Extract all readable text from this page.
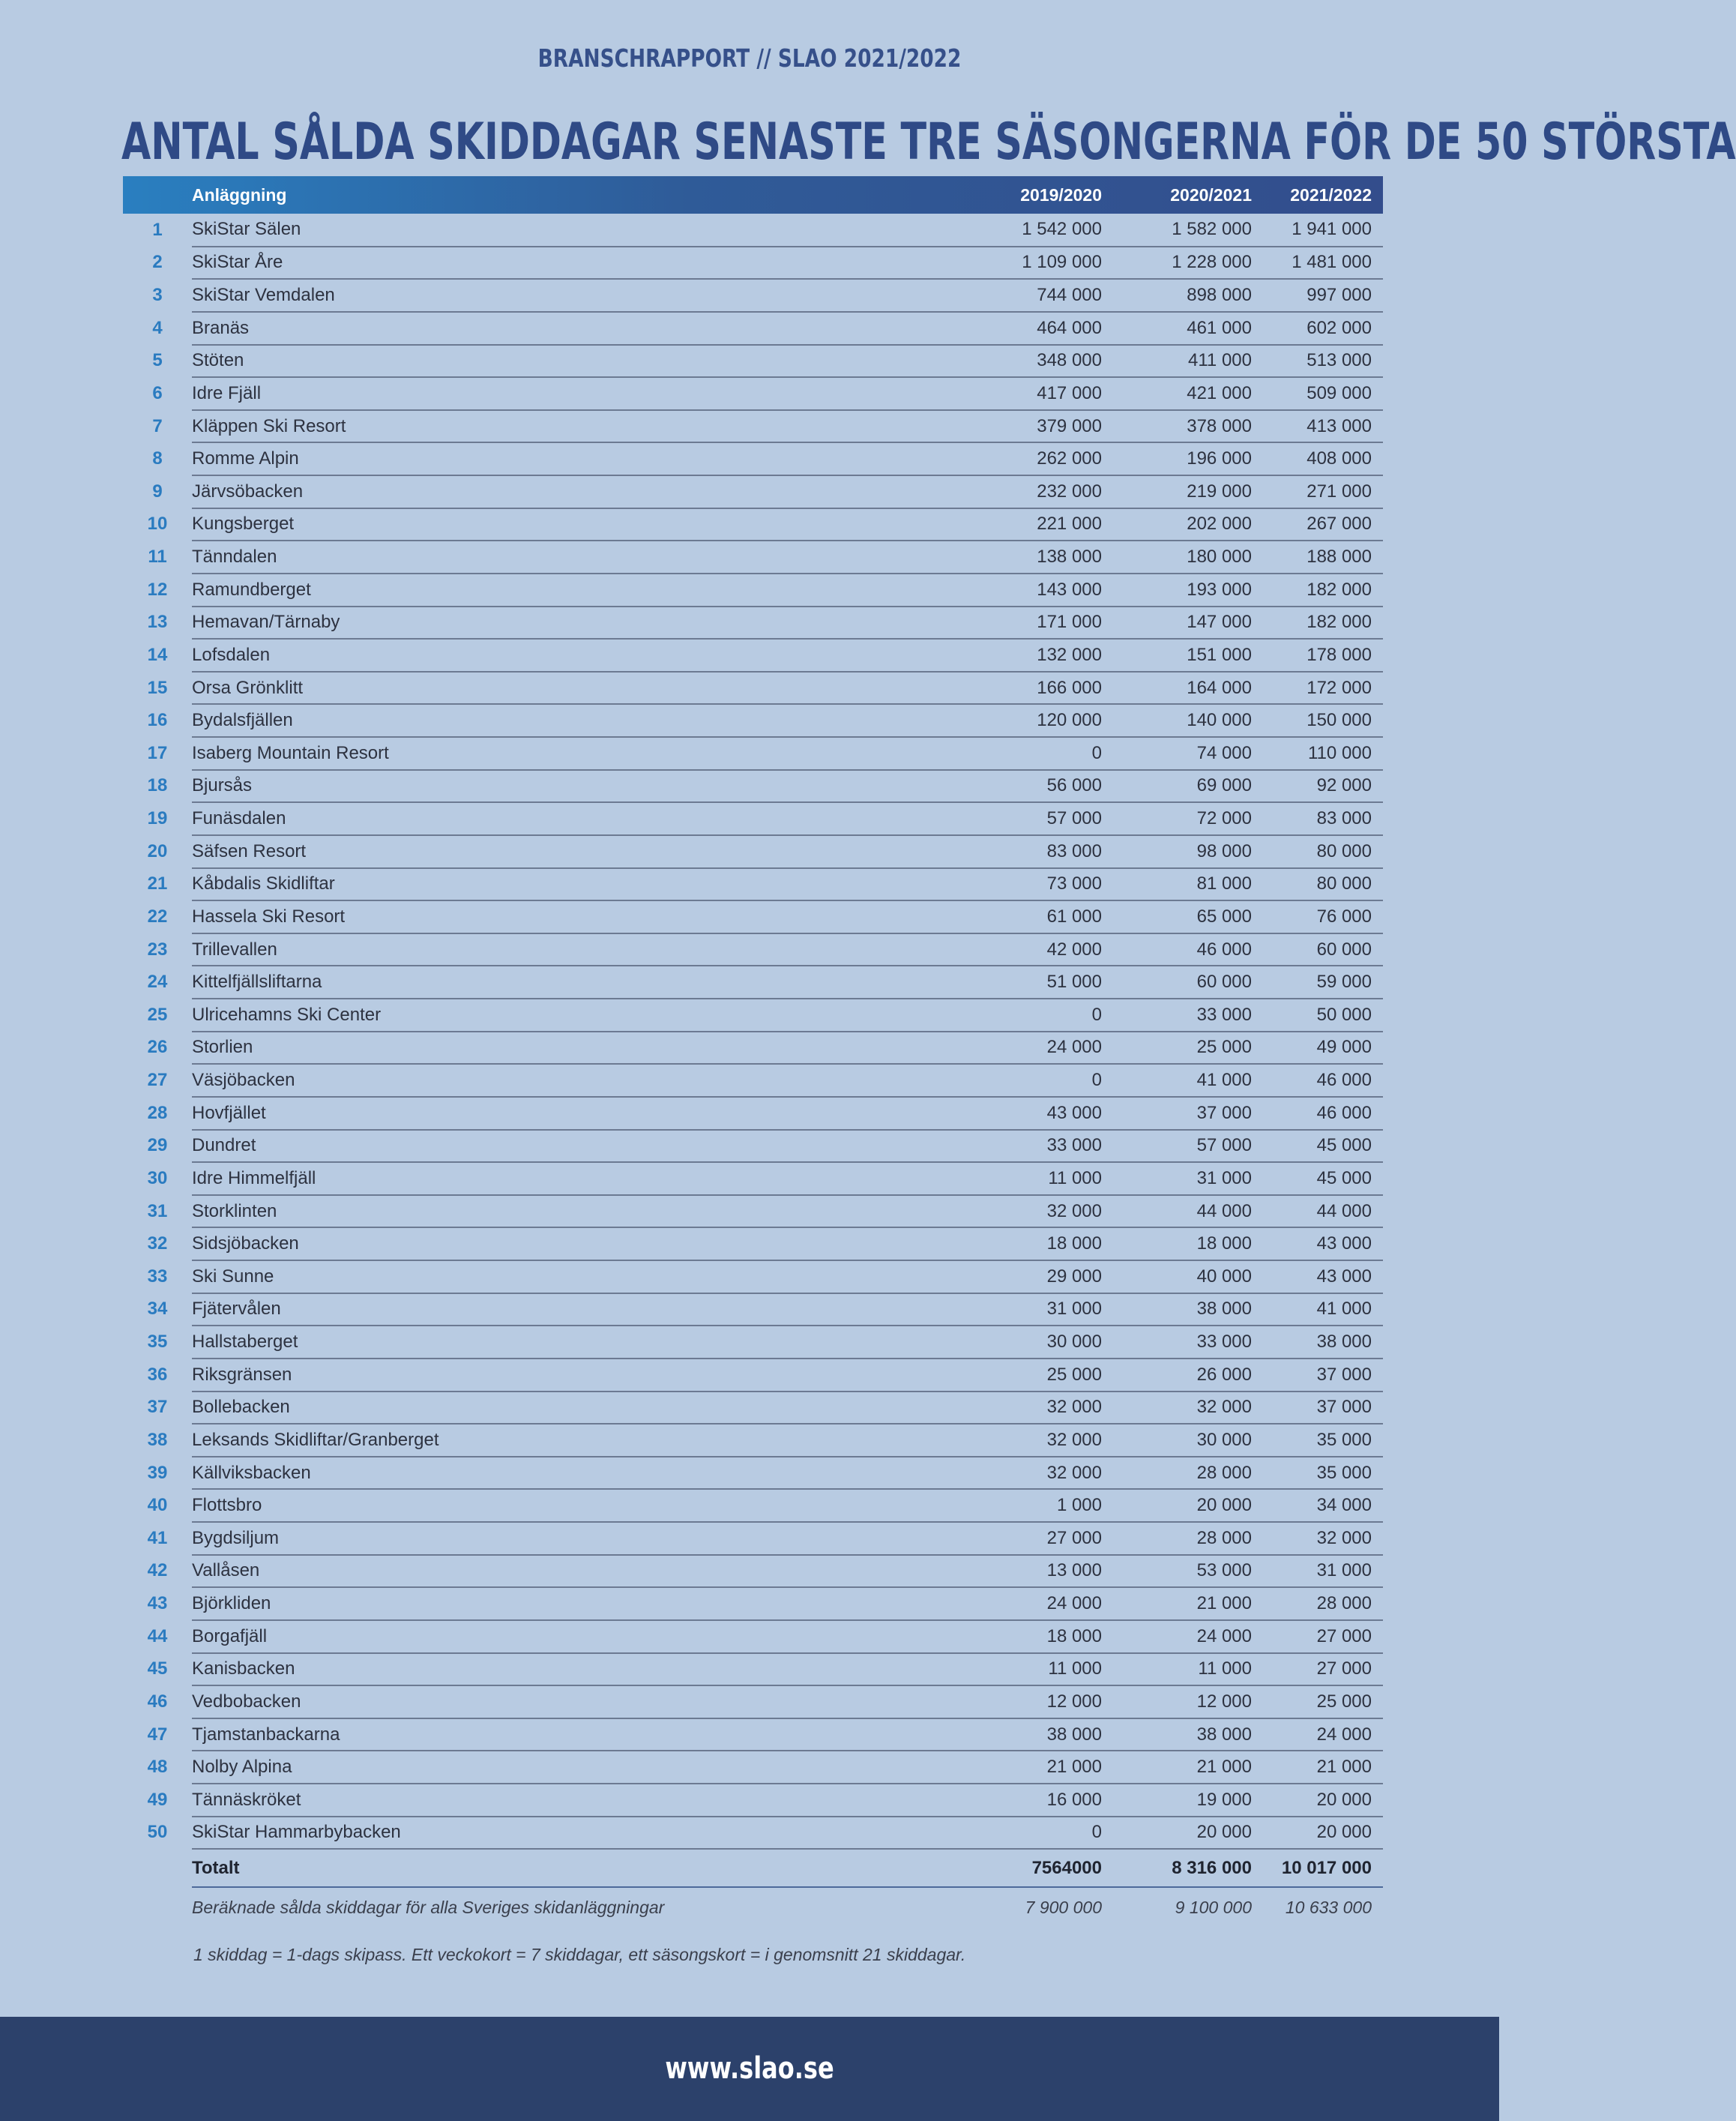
BRANSCHRAPPORT // SLAO 2021/2022
ANTAL SÅLDA SKIDDAGAR SENASTE TRE SÄSONGERNA FÖR DE 50 STÖRSTA
	Anläggning	2019/2020	2020/2021	2021/2022
1	SkiStar Sälen	1 542 000	1 582 000	1 941 000
2	SkiStar Åre	1 109 000	1 228 000	1 481 000
3	SkiStar Vemdalen	744 000	898 000	997 000
4	Branäs	464 000	461 000	602 000
5	Stöten	348 000	411 000	513 000
6	Idre Fjäll	417 000	421 000	509 000
7	Kläppen Ski Resort	379 000	378 000	413 000
8	Romme Alpin	262 000	196 000	408 000
9	Järvsöbacken	232 000	219 000	271 000
10	Kungsberget	221 000	202 000	267 000
11	Tänndalen	138 000	180 000	188 000
12	Ramundberget	143 000	193 000	182 000
13	Hemavan/Tärnaby	171 000	147 000	182 000
14	Lofsdalen	132 000	151 000	178 000
15	Orsa Grönklitt	166 000	164 000	172 000
16	Bydalsfjällen	120 000	140 000	150 000
17	Isaberg Mountain Resort	0	74 000	110 000
18	Bjursås	56 000	69 000	92 000
19	Funäsdalen	57 000	72 000	83 000
20	Säfsen Resort	83 000	98 000	80 000
21	Kåbdalis Skidliftar	73 000	81 000	80 000
22	Hassela Ski Resort	61 000	65 000	76 000
23	Trillevallen	42 000	46 000	60 000
24	Kittelfjällsliftarna	51 000	60 000	59 000
25	Ulricehamns Ski Center	0	33 000	50 000
26	Storlien	24 000	25 000	49 000
27	Väsjöbacken	0	41 000	46 000
28	Hovfjället	43 000	37 000	46 000
29	Dundret	33 000	57 000	45 000
30	Idre Himmelfjäll	11 000	31 000	45 000
31	Storklinten	32 000	44 000	44 000
32	Sidsjöbacken	18 000	18 000	43 000
33	Ski Sunne	29 000	40 000	43 000
34	Fjätervålen	31 000	38 000	41 000
35	Hallstaberget	30 000	33 000	38 000
36	Riksgränsen	25 000	26 000	37 000
37	Bollebacken	32 000	32 000	37 000
38	Leksands Skidliftar/Granberget	32 000	30 000	35 000
39	Källviksbacken	32 000	28 000	35 000
40	Flottsbro	1 000	20 000	34 000
41	Bygdsiljum	27 000	28 000	32 000
42	Vallåsen	13 000	53 000	31 000
43	Björkliden	24 000	21 000	28 000
44	Borgafjäll	18 000	24 000	27 000
45	Kanisbacken	11 000	11 000	27 000
46	Vedbobacken	12 000	12 000	25 000
47	Tjamstanbackarna	38 000	38 000	24 000
48	Nolby Alpina	21 000	21 000	21 000
49	Tännäskröket	16 000	19 000	20 000
50	SkiStar Hammarbybacken	0	20 000	20 000
	Totalt	7564000	8 316 000	10 017 000
	Beräknade sålda skiddagar för alla Sveriges skidanläggningar	7 900 000	9 100 000	10 633 000
1 skiddag = 1-dags skipass. Ett veckokort = 7 skiddagar, ett säsongskort = i genomsnitt 21 skiddagar.
www.slao.se
